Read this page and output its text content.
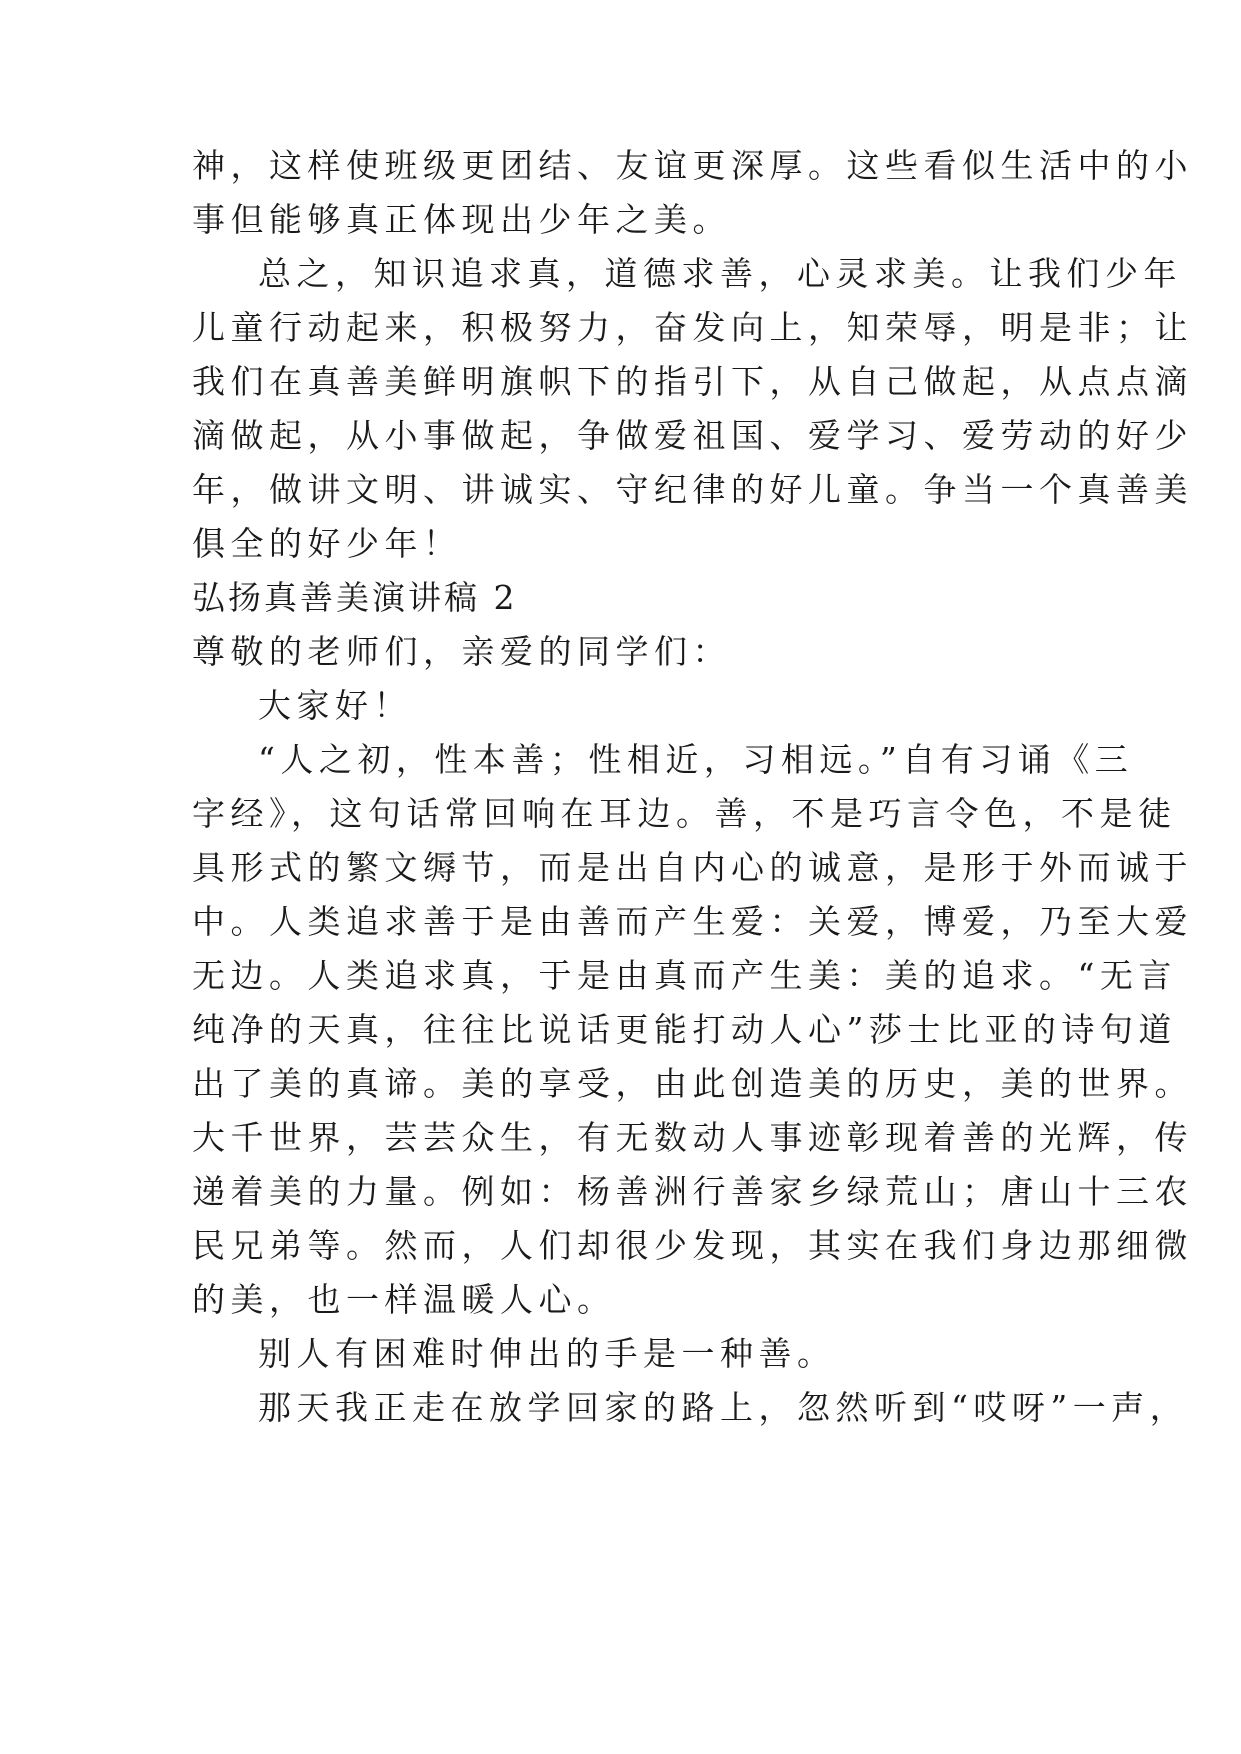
神，这样使班级更团结、友谊更深厚。这些看似生活中的小
事但能够真正体现出少年之美。
总之，知识追求真，道德求善，心灵求美。让我们少年
儿童行动起来，积极努力，奋发向上，知荣辱，明是非；让
我们在真善美鲜明旗帜下的指引下，从自己做起，从点点滴
滴做起，从小事做起，争做爱祖国、爱学习、爱劳动的好少
年，做讲文明、讲诚实、守纪律的好儿童。争当一个真善美
俱全的好少年！
弘扬真善美演讲稿 2
尊敬的老师们，亲爱的同学们：
大家好！
“人之初，性本善；性相近，习相远。”自有习诵《三
字经》，这句话常回响在耳边。善，不是巧言令色，不是徒
具形式的繁文缛节，而是出自内心的诚意，是形于外而诚于
中。人类追求善于是由善而产生爱：关爱，博爱，乃至大爱
无边。人类追求真，于是由真而产生美：美的追求。“无言
纯净的天真，往往比说话更能打动人心”莎士比亚的诗句道
出了美的真谛。美的享受，由此创造美的历史，美的世界。
大千世界，芸芸众生，有无数动人事迹彰现着善的光辉，传
递着美的力量。例如：杨善洲行善家乡绿荒山；唐山十三农
民兄弟等。然而，人们却很少发现，其实在我们身边那细微
的美，也一样温暖人心。
别人有困难时伸出的手是一种善。
那天我正走在放学回家的路上，忽然听到“哎呀”一声，
